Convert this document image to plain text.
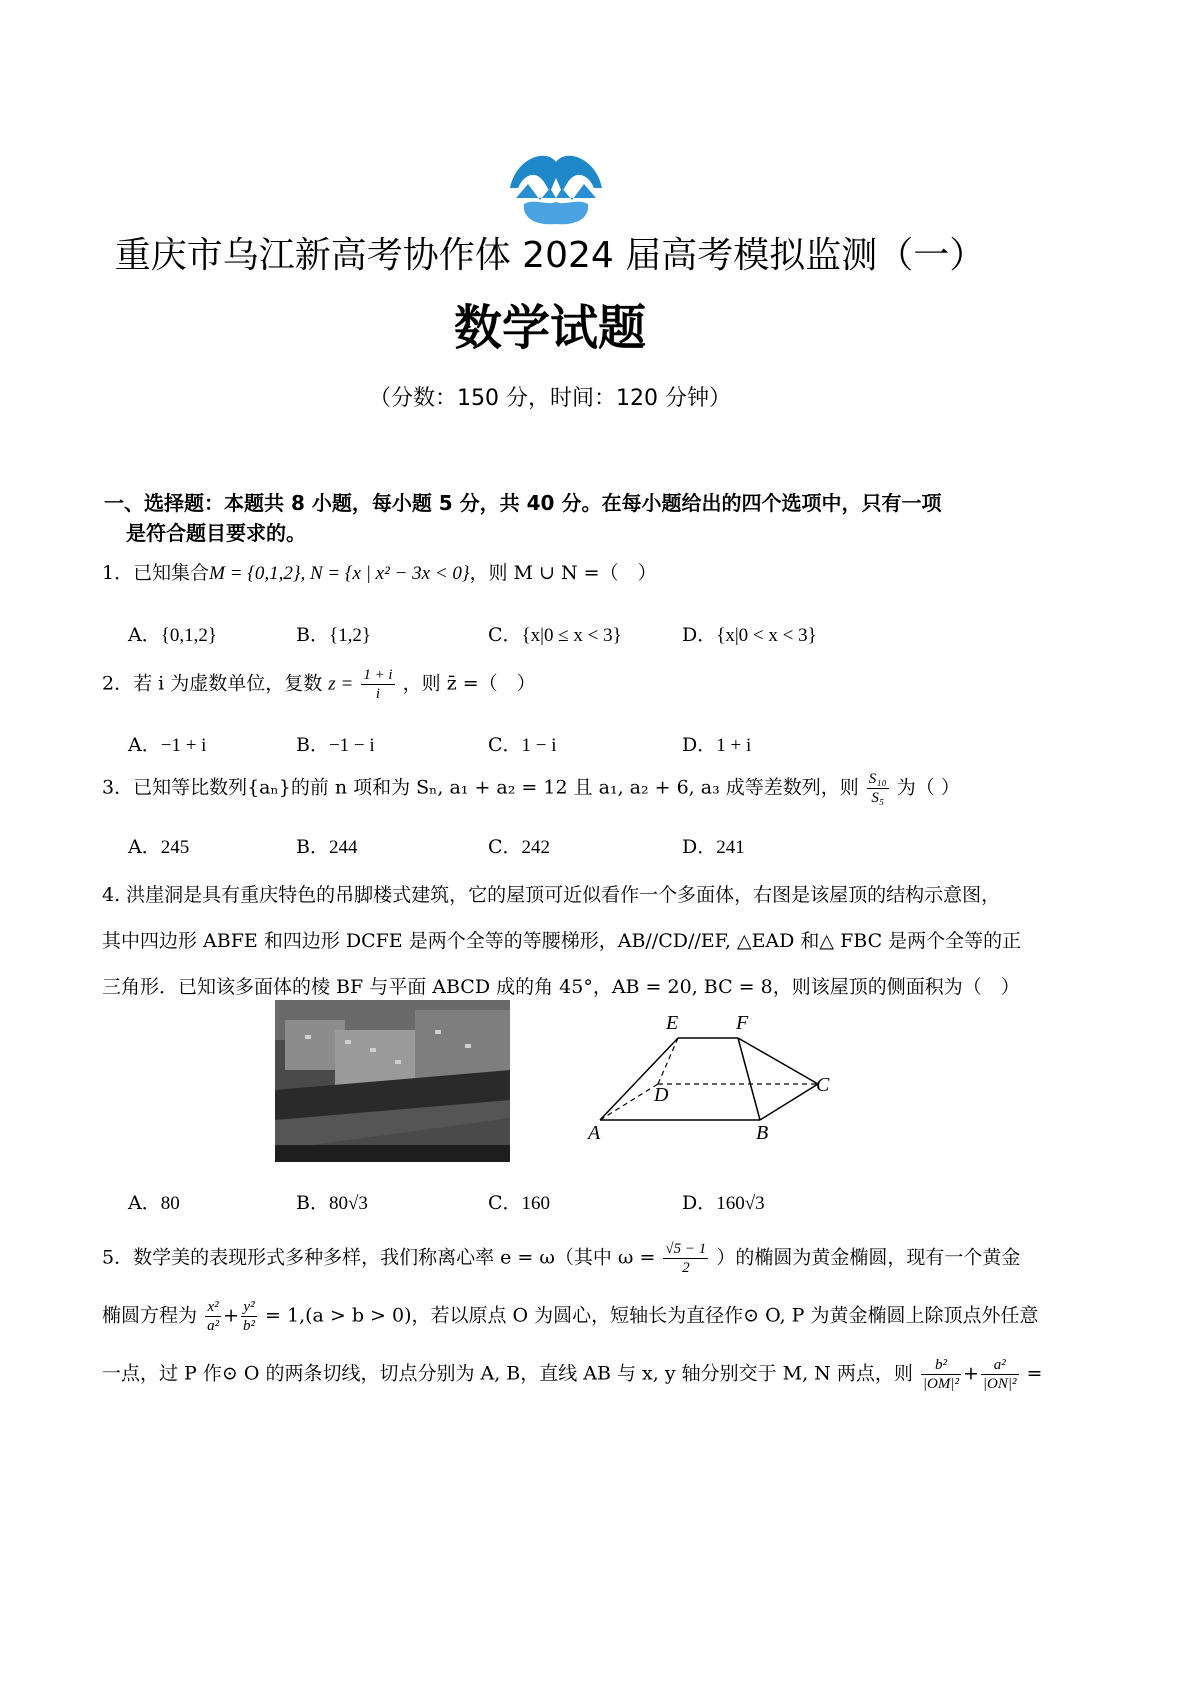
重庆市乌江新高考协作体 2024 届高考模拟监测（一）
数学试题
（分数：150 分，时间：120 分钟）
一、选择题：本题共 8 小题，每小题 5 分，共 40 分。在每小题给出的四个选项中，只有一项
是符合题目要求的。
1．已知集合M = {0,1,2}, N = {x | x² − 3x < 0}，则 M ∪ N =（　）
A．{0,1,2}	B．{1,2}	C．{x|0 ≤ x < 3}	D．{x|0 < x < 3}
2．若 i 为虚数单位，复数 $z = \frac{1 + i}{i}$ ，则 z̄ =（　）
A．−1 + i	B．−1 − i	C．1 − i	D．1 + i
3．已知等比数列{aₙ}的前 n 项和为 Sₙ, a₁ + a₂ = 12 且 a₁, a₂ + 6, a₃ 成等差数列，则 $\frac{\text{S₁₀}}{\text{S₅}}$ 为（ ）
A．245	B．244	C．242	D．241
4. 洪崖洞是具有重庆特色的吊脚楼式建筑，它的屋顶可近似看作一个多面体，右图是该屋顶的结构示意图，
其中四边形 ABFE 和四边形 DCFE 是两个全等的等腰梯形，AB//CD//EF, △EAD 和△ FBC 是两个全等的正
三角形．已知该多面体的棱 BF 与平面 ABCD 成的角 45°，AB = 20, BC = 8，则该屋顶的侧面积为（　）
E	F
D	C
A	B
A．80	B．80√3	C．160	D．160√3
5．数学美的表现形式多种多样，我们称离心率 e = ω（其中 $\omega = \frac{√5 - 1}{2}$ ）的椭圆为黄金椭圆，现有一个黄金
椭圆方程为 $\frac{\text{x²}}{\text{a²}} + \frac{\text{y²}}{\text{b²}} = 1,(a > b > 0)$，若以原点 O 为圆心，短轴长为直径作⊙ O, P 为黄金椭圆上除顶点外任意
一点，过 P 作⊙ O 的两条切线，切点分别为 A, B，直线 AB 与 x, y 轴分别交于 M, N 两点，则 $\frac{\text{b²}}{\text{|OM|²}} + \frac{\text{a²}}{\text{|ON|²}}$ =
